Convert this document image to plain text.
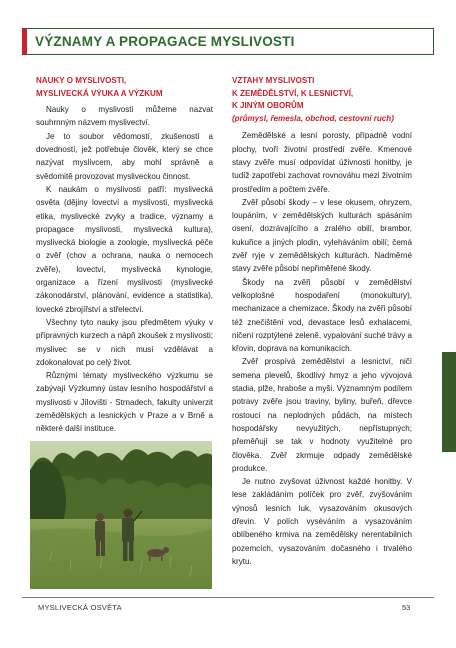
VÝZNAMY A PROPAGACE MYSLIVOSTI
NAUKY O MYSLIVOSTI,
MYSLIVECKÁ VÝUKA A VÝZKUM

Nauky o myslivosti můžeme nazvat souhrnným názvem myslivectví.

Je to soubor vědomostí, zkušeností a dovedností, jež potřebuje člověk, který se chce nazývat myslivcem, aby mohl správně a svědomitě provozovat mysliveckou činnost.

K naukám o myslivosti patří: myslivecká osvěta (dějiny lovectví a myslivosti, myslivecká etika, myslivecké zvyky a tradice, významy a propagace myslivosti, myslivecká kultura), myslivecká biologie a zoologie, myslivecká péče o zvěř (chov a ochrana, nauka o nemocech zvěře), lovectví, myslivecká kynologie, organizace a řízení myslivosti (myslivecké zákonodárství, plánování, evidence a statistika), lovecké zbrojířství a střelectví.

Všechny tyto nauky jsou předmětem výuky v přípravných kurzech a nápň zkoušek z myslivosti; myslivec se v nich musí vzdělávat a zdokonalovat po celý život.

Různými tématy mysliveckého výzkumu se zabývají Výzkumný ústav lesního hospodářství a myslivosti v Jílovišti - Strnadech, fakulty univerzit zemědělských a lesnických v Praze a v Brně a některé další instituce.

VZTAHY MYSLIVOSTI
K ZEMĚDĚLSTVÍ, K LESNICTVÍ,
K JINÝM OBORŮM
(průmysl, řemesla, obchod, cestovní ruch)

Zemědělské a lesní porosty, případně vodní plochy, tvoří životní prostředí zvěře. Kmenové stavy zvěře musí odpovídat úživnosti honitby, je tudíž zapotřebí zachovat rovnováhu mezi životním prostředím a počtem zvěře.

Zvěř působí škody – v lese okusem, ohryzem, loupáním, v zemědělských kulturách spásáním osení, dozrávajícího a zralého obilí, brambor, kukuřice a jiných plodin, vyleháváním obilí; čemá zvěř ryje v zemědělských kulturách. Nadměrné stavy zvěře působí nepřiměřené škody.

Škody na zvěři působí v zemědělství velkoplošné hospodaření (monokultury), mechanizace a chemizace. Škody na zvěři působí též znečištění vod, devastace lesů exhalacemi, ničení rozptýlené zeleně, vypalování suché trávy a křovin, doprava na komunikacích.

Zvěř prospívá zemědělství a lesnictví, ničí semena plevelů, škodlivý hmyz a jeho vývojová stadia, plže, hraboše a myši. Významným podílem potravy zvěře jsou traviny, byliny, buřeň, dřevce rostoucí na neplodných půdách, na místech hospodářsky nevyužitých, nepřístupných; přeměňují se tak v hodnoty využitelné pro člověka. Zvěř zkrmuje odpady zemědělské produkce.

Je nutno zvyšovat úživnost každé honitby. V lese zakládáním políček pro zvěř, zvyšováním výnosů lesních luk, vysazováním okusových dřevin. V polích vyséváním a vysazováním oblíbeného krmiva na zemědělsky nerentabilních pozemcích, vysazováním dočasného i trvalého krytu.

MYSLIVECKÁ OSVĚTA	53
